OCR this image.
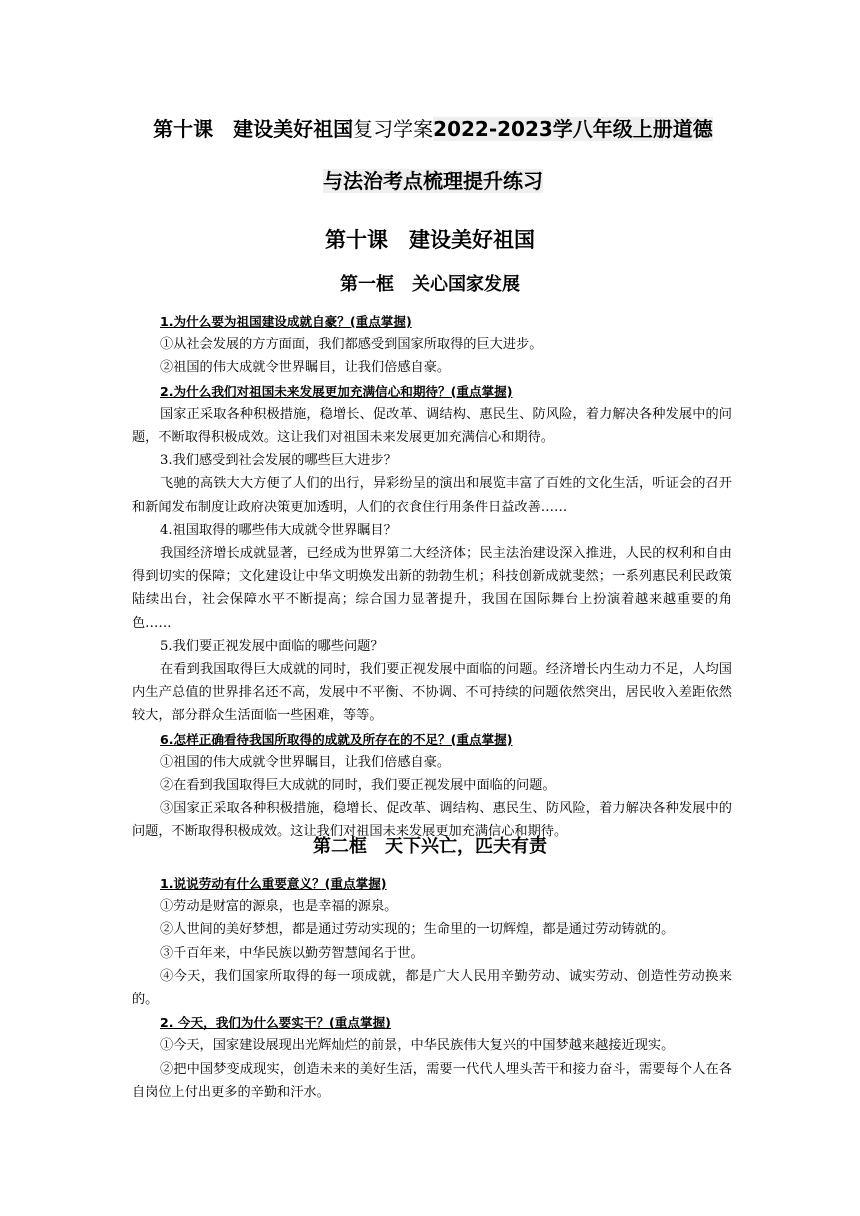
第十课　建设美好祖国复习学案2022-2023学八年级上册道德
与法治考点梳理提升练习
第十课　建设美好祖国
第一框　关心国家发展

1.为什么要为祖国建设成就自豪？(重点掌握)

①从社会发展的方方面面，我们都感受到国家所取得的巨大进步。

②祖国的伟大成就令世界瞩目，让我们倍感自豪。

2.为什么我们对祖国未来发展更加充满信心和期待？(重点掌握)

国家正采取各种积极措施，稳增长、促改革、调结构、惠民生、防风险，着力解决各种发展中的问题，不断取得积极成效。这让我们对祖国未来发展更加充满信心和期待。

3.我们感受到社会发展的哪些巨大进步？

飞驰的高铁大大方便了人们的出行，异彩纷呈的演出和展览丰富了百姓的文化生活，听证会的召开和新闻发布制度让政府决策更加透明，人们的衣食住行用条件日益改善……

4.祖国取得的哪些伟大成就令世界瞩目？

我国经济增长成就显著，已经成为世界第二大经济体；民主法治建设深入推进，人民的权利和自由得到切实的保障；文化建设让中华文明焕发出新的勃勃生机；科技创新成就斐然；一系列惠民利民政策陆续出台，社会保障水平不断提高；综合国力显著提升，我国在国际舞台上扮演着越来越重要的角色……

5.我们要正视发展中面临的哪些问题？

在看到我国取得巨大成就的同时，我们要正视发展中面临的问题。经济增长内生动力不足，人均国内生产总值的世界排名还不高，发展中不平衡、不协调、不可持续的问题依然突出，居民收入差距依然较大，部分群众生活面临一些困难，等等。

6.怎样正确看待我国所取得的成就及所存在的不足？(重点掌握)

①祖国的伟大成就令世界瞩目，让我们倍感自豪。

②在看到我国取得巨大成就的同时，我们要正视发展中面临的问题。

③国家正采取各种积极措施，稳增长、促改革、调结构、惠民生、防风险，着力解决各种发展中的问题，不断取得积极成效。这让我们对祖国未来发展更加充满信心和期待。

第二框　天下兴亡，匹夫有责

1.说说劳动有什么重要意义？(重点掌握)

①劳动是财富的源泉，也是幸福的源泉。

②人世间的美好梦想，都是通过劳动实现的；生命里的一切辉煌，都是通过劳动铸就的。

③千百年来，中华民族以勤劳智慧闻名于世。

④今天，我们国家所取得的每一项成就，都是广大人民用辛勤劳动、诚实劳动、创造性劳动换来的。

2. 今天，我们为什么要实干？(重点掌握)

①今天，国家建设展现出光辉灿烂的前景，中华民族伟大复兴的中国梦越来越接近现实。

②把中国梦变成现实，创造未来的美好生活，需要一代代人埋头苦干和接力奋斗，需要每个人在各自岗位上付出更多的辛勤和汗水。
